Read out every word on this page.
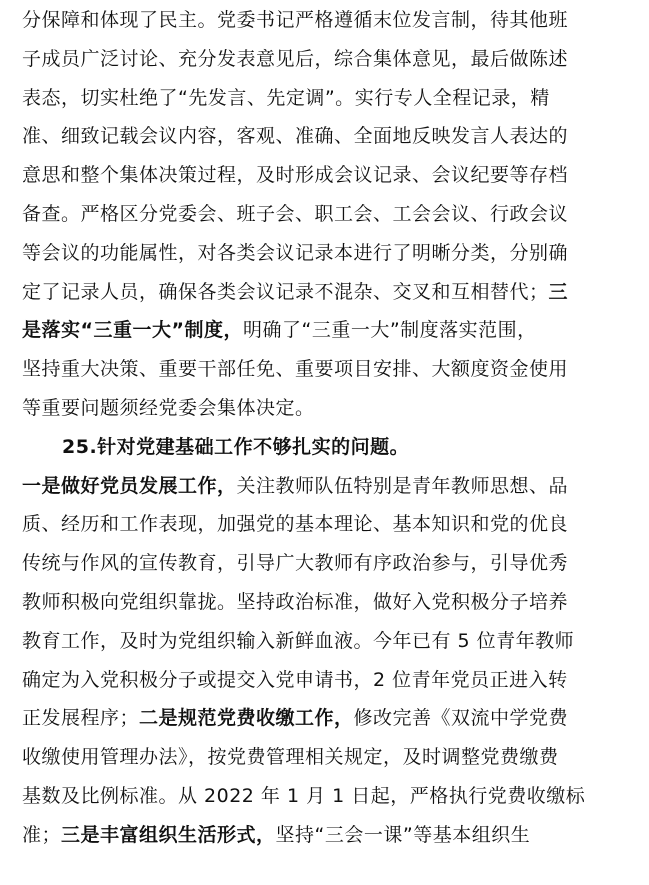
分保障和体现了民主。党委书记严格遵循末位发言制，待其他班
子成员广泛讨论、充分发表意见后，综合集体意见，最后做陈述
表态，切实杜绝了“先发言、先定调”。实行专人全程记录，精
准、细致记载会议内容，客观、准确、全面地反映发言人表达的
意思和整个集体决策过程，及时形成会议记录、会议纪要等存档
备查。严格区分党委会、班子会、职工会、工会会议、行政会议
等会议的功能属性，对各类会议记录本进行了明晰分类，分别确
定了记录人员，确保各类会议记录不混杂、交叉和互相替代；三
是落实“三重一大”制度，明确了“三重一大”制度落实范围，
坚持重大决策、重要干部任免、重要项目安排、大额度资金使用
等重要问题须经党委会集体决定。
25.针对党建基础工作不够扎实的问题。
一是做好党员发展工作，关注教师队伍特别是青年教师思想、品
质、经历和工作表现，加强党的基本理论、基本知识和党的优良
传统与作风的宣传教育，引导广大教师有序政治参与，引导优秀
教师积极向党组织靠拢。坚持政治标准，做好入党积极分子培养
教育工作，及时为党组织输入新鲜血液。今年已有 5 位青年教师
确定为入党积极分子或提交入党申请书，2 位青年党员正进入转
正发展程序；二是规范党费收缴工作，修改完善《双流中学党费
收缴使用管理办法》，按党费管理相关规定，及时调整党费缴费
基数及比例标准。从 2022 年 1 月 1 日起，严格执行党费收缴标
准；三是丰富组织生活形式，坚持“三会一课”等基本组织生
